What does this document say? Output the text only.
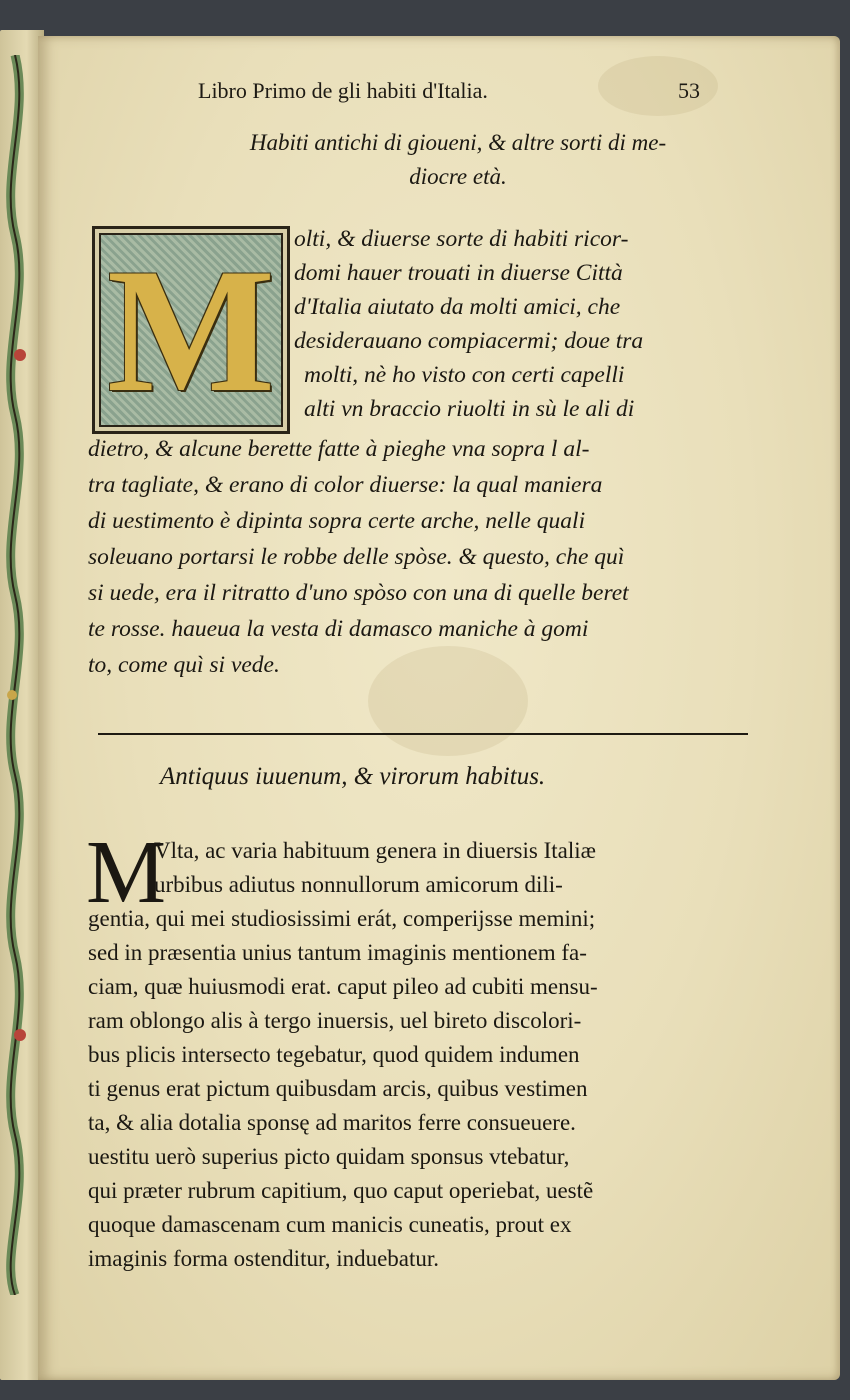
Libro Primo de gli habiti d'Italia.	53
Habiti antichi di gioueni, & altre sorti di me-
diocre età.
M olti, & diuerse sorte di habiti ricor-
domi hauer trouati in diuerse Città
d'Italia aiutato da molti amici, che
desiderauano compiacermi; doue tra
molti, nè ho visto con certi capelli
alti vn braccio riuolti in sù le ali di
dietro, & alcune berette fatte à pieghe vna sopra l al-
tra tagliate, & erano di color diuerse: la qual maniera
di uestimento è dipinta sopra certe arche, nelle quali
soleuano portarsi le robbe delle spòse. & questo, che quì
si uede, era il ritratto d'uno spòso con una di quelle beret
te rosse. haueua la vesta di damasco maniche à gomi
to, come quì si vede.
Antiquus iuuenum, & virorum habitus.
M
Vlta, ac varia habituum genera in diuersis Italiæ
urbibus adiutus nonnullorum amicorum dili-
gentia, qui mei studiosissimi erát, comperijsse memini;
sed in præsentia unius tantum imaginis mentionem fa-
ciam, quæ huiusmodi erat. caput pileo ad cubiti mensu-
ram oblongo alis à tergo inuersis, uel bireto discolori-
bus plicis intersecto tegebatur, quod quidem indumen
ti genus erat pictum quibusdam arcis, quibus vestimen
ta, & alia dotalia sponsę ad maritos ferre consueuere.
uestitu uerò superius picto quidam sponsus vtebatur,
qui præter rubrum capitium, quo caput operiebat, uestẽ
quoque damascenam cum manicis cuneatis, prout ex
imaginis forma ostenditur, induebatur.
